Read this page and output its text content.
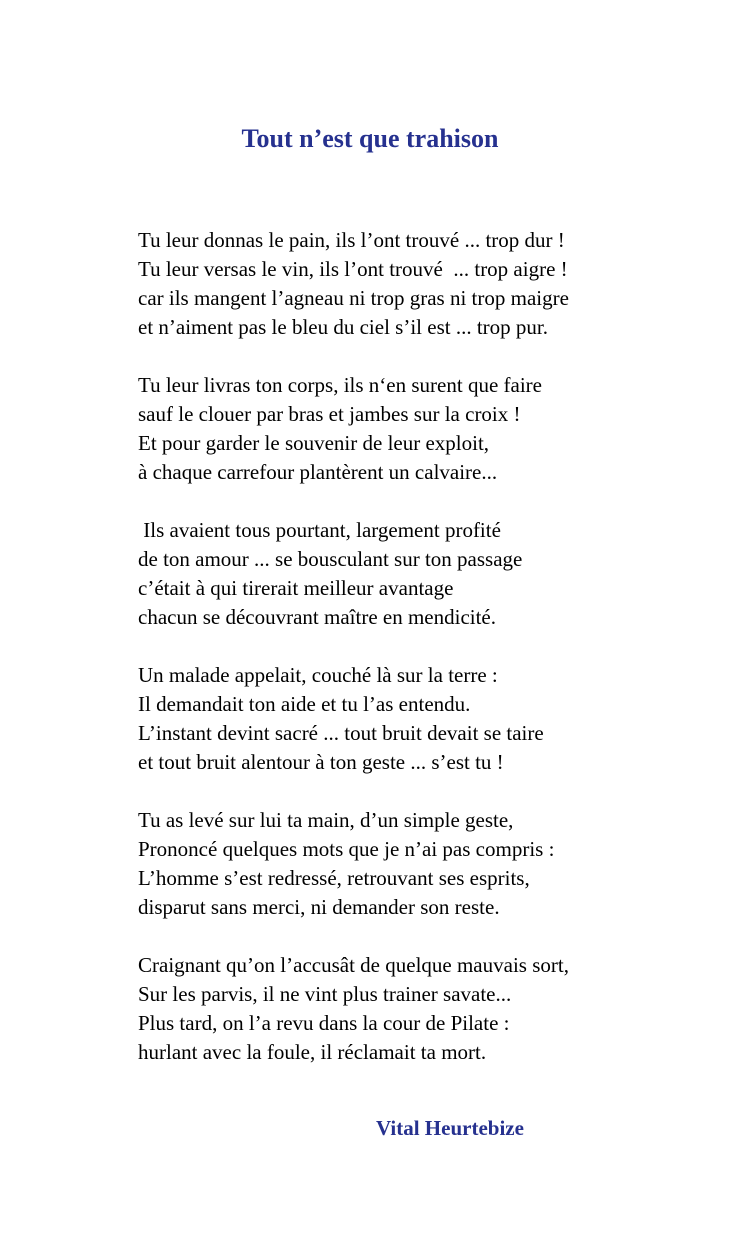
Tout n’est que trahison
Tu leur donnas le pain, ils l’ont trouvé ... trop dur !
Tu leur versas le vin, ils l’ont trouvé  ... trop aigre !
car ils mangent l’agneau ni trop gras ni trop maigre
et n’aiment pas le bleu du ciel s’il est ... trop pur.
Tu leur livras ton corps, ils n‘en surent que faire
sauf le clouer par bras et jambes sur la croix !
Et pour garder le souvenir de leur exploit,
à chaque carrefour plantèrent un calvaire...
Ils avaient tous pourtant, largement profité
de ton amour ... se bousculant sur ton passage
c’était à qui tirerait meilleur avantage
chacun se découvrant maître en mendicité.
Un malade appelait, couché là sur la terre :
Il demandait ton aide et tu l’as entendu.
L’instant devint sacré ... tout bruit devait se taire
et tout bruit alentour à ton geste ... s’est tu !
Tu as levé sur lui ta main, d’un simple geste,
Prononcé quelques mots que je n’ai pas compris :
L’homme s’est redressé, retrouvant ses esprits,
disparut sans merci, ni demander son reste.
Craignant qu’on l’accusât de quelque mauvais sort,
Sur les parvis, il ne vint plus trainer savate...
Plus tard, on l’a revu dans la cour de Pilate :
hurlant avec la foule, il réclamait ta mort.
Vital Heurtebize
